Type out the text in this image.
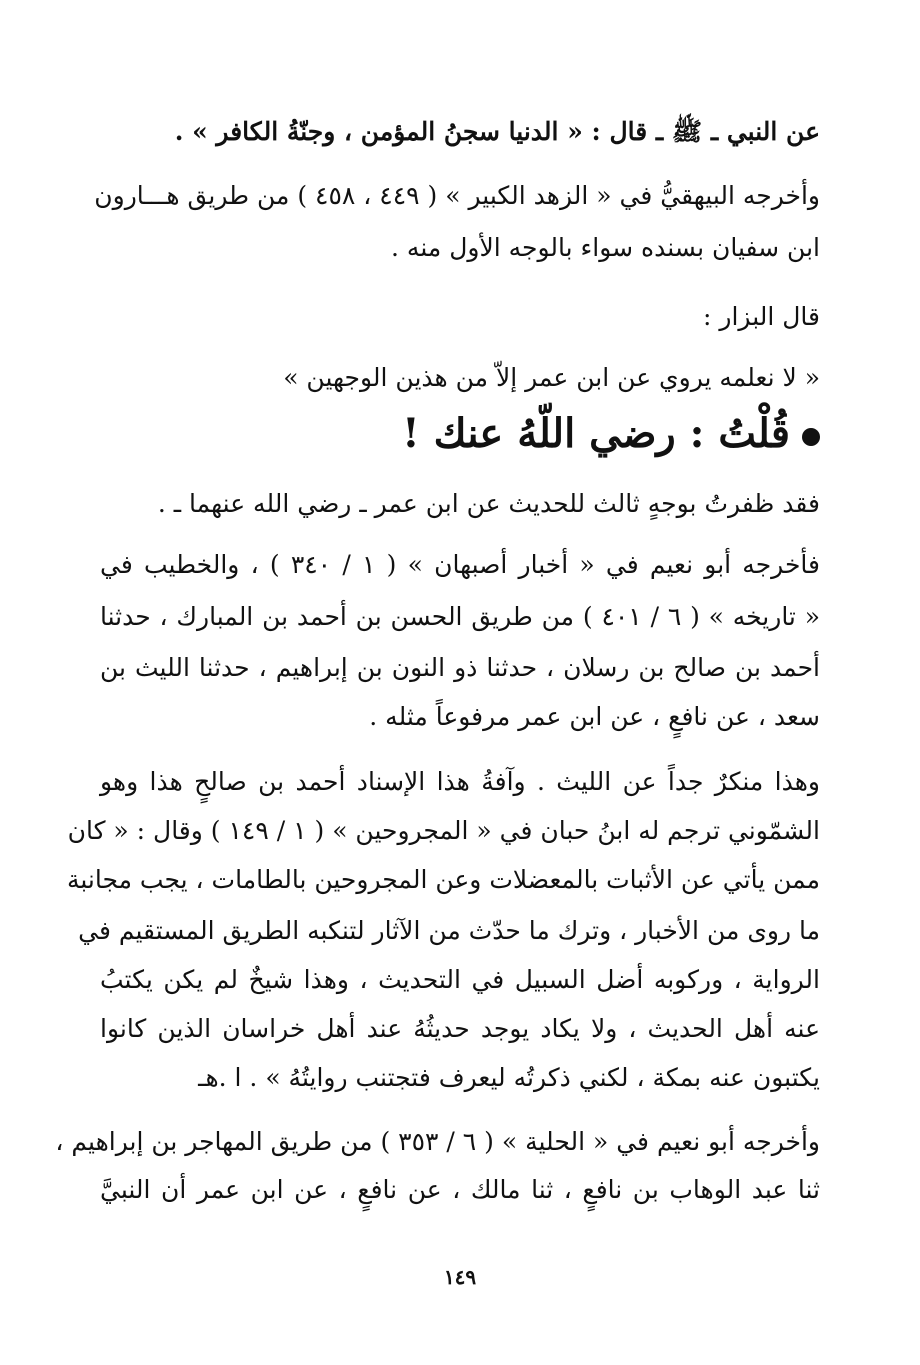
عن النبي ـ ﷺ ـ قال : « الدنيا سجنُ المؤمن ، وجنّةُ الكافر » .
وأخرجه البيهقيُّ في « الزهد الكبير » ( ٤٤٩ ، ٤٥٨ ) من طريق هـــارون
ابن سفيان بسنده سواء بالوجه الأول منه .
قال البزار :
« لا نعلمه يروي عن ابن عمر إلاّ من هذين الوجهين »
قُلْتُ : رضي اللّهُ عنك !
فقد ظفرتُ بوجهٍ ثالث للحديث عن ابن عمر ـ رضي الله عنهما ـ .
فأخرجه أبو نعيم في « أخبار أصبهان » ( ١ / ٣٤٠ ) ، والخطيب في
« تاريخه » ( ٦ / ٤٠١ ) من طريق الحسن بن أحمد بن المبارك ، حدثنا
أحمد بن صالح بن رسلان ، حدثنا ذو النون بن إبراهيم ، حدثنا الليث بن
سعد ، عن نافعٍ ، عن ابن عمر مرفوعاً مثله .
وهذا منكرٌ جداً عن الليث . وآفةُ هذا الإسناد أحمد بن صالحٍ هذا وهو
الشمّوني ترجم له ابنُ حبان في « المجروحين » ( ١ / ١٤٩ ) وقال : « كان
ممن يأتي عن الأثبات بالمعضلات وعن المجروحين بالطامات ، يجب مجانبة
ما روى من الأخبار ، وترك ما حدّث من الآثار لتنكبه الطريق المستقيم في
الرواية ، وركوبه أضل السبيل في التحديث ، وهذا شيخٌ لم يكن يكتبُ
عنه أهل الحديث ، ولا يكاد يوجد حديثُهُ عند أهل خراسان الذين كانوا
يكتبون عنه بمكة ، لكني ذكرتُه ليعرف فتجتنب روايتُهُ » . ا .هـ
وأخرجه أبو نعيم في « الحلية » ( ٦ / ٣٥٣ ) من طريق المهاجر بن إبراهيم ،
ثنا عبد الوهاب بن نافعٍ ، ثنا مالك ، عن نافعٍ ، عن ابن عمر أن النبيَّ
١٤٩
